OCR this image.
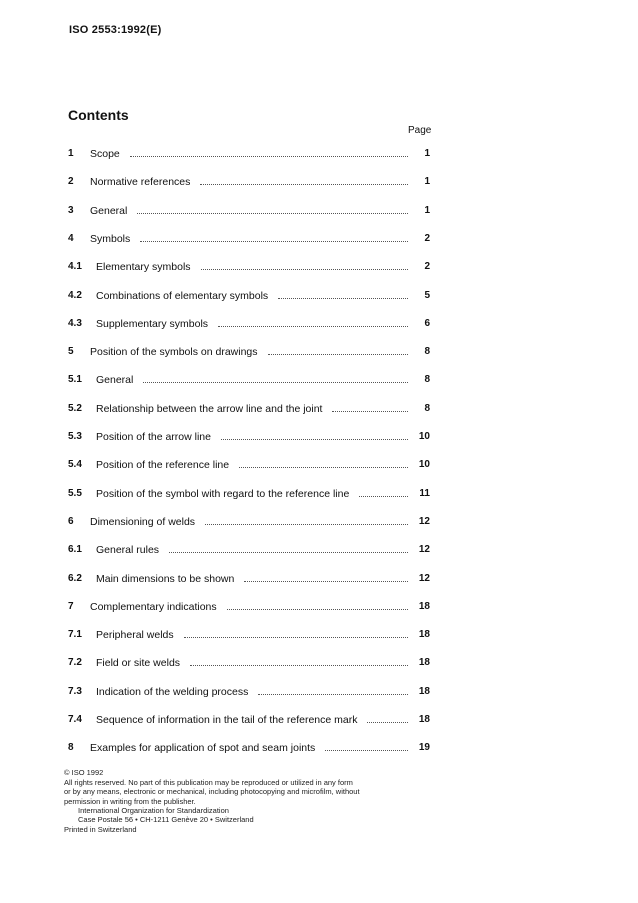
ISO 2553:1992(E)
Contents
Page
1 Scope	1
2 Normative references	1
3 General	1
4 Symbols	2
4.1 Elementary symbols	2
4.2 Combinations of elementary symbols	5
4.3 Supplementary symbols	6
5 Position of the symbols on drawings	8
5.1 General	8
5.2 Relationship between the arrow line and the joint	8
5.3 Position of the arrow line	10
5.4 Position of the reference line	10
5.5 Position of the symbol with regard to the reference line	11
6 Dimensioning of welds	12
6.1 General rules	12
6.2 Main dimensions to be shown	12
7 Complementary indications	18
7.1 Peripheral welds	18
7.2 Field or site welds	18
7.3 Indication of the welding process	18
7.4 Sequence of information in the tail of the reference mark	18
8 Examples for application of spot and seam joints	19
© ISO 1992
All rights reserved. No part of this publication may be reproduced or utilized in any form
or by any means, electronic or mechanical, including photocopying and microfilm, without
permission in writing from the publisher.
International Organization for Standardization
Case Postale 56 • CH-1211 Genève 20 • Switzerland
Printed in Switzerland
